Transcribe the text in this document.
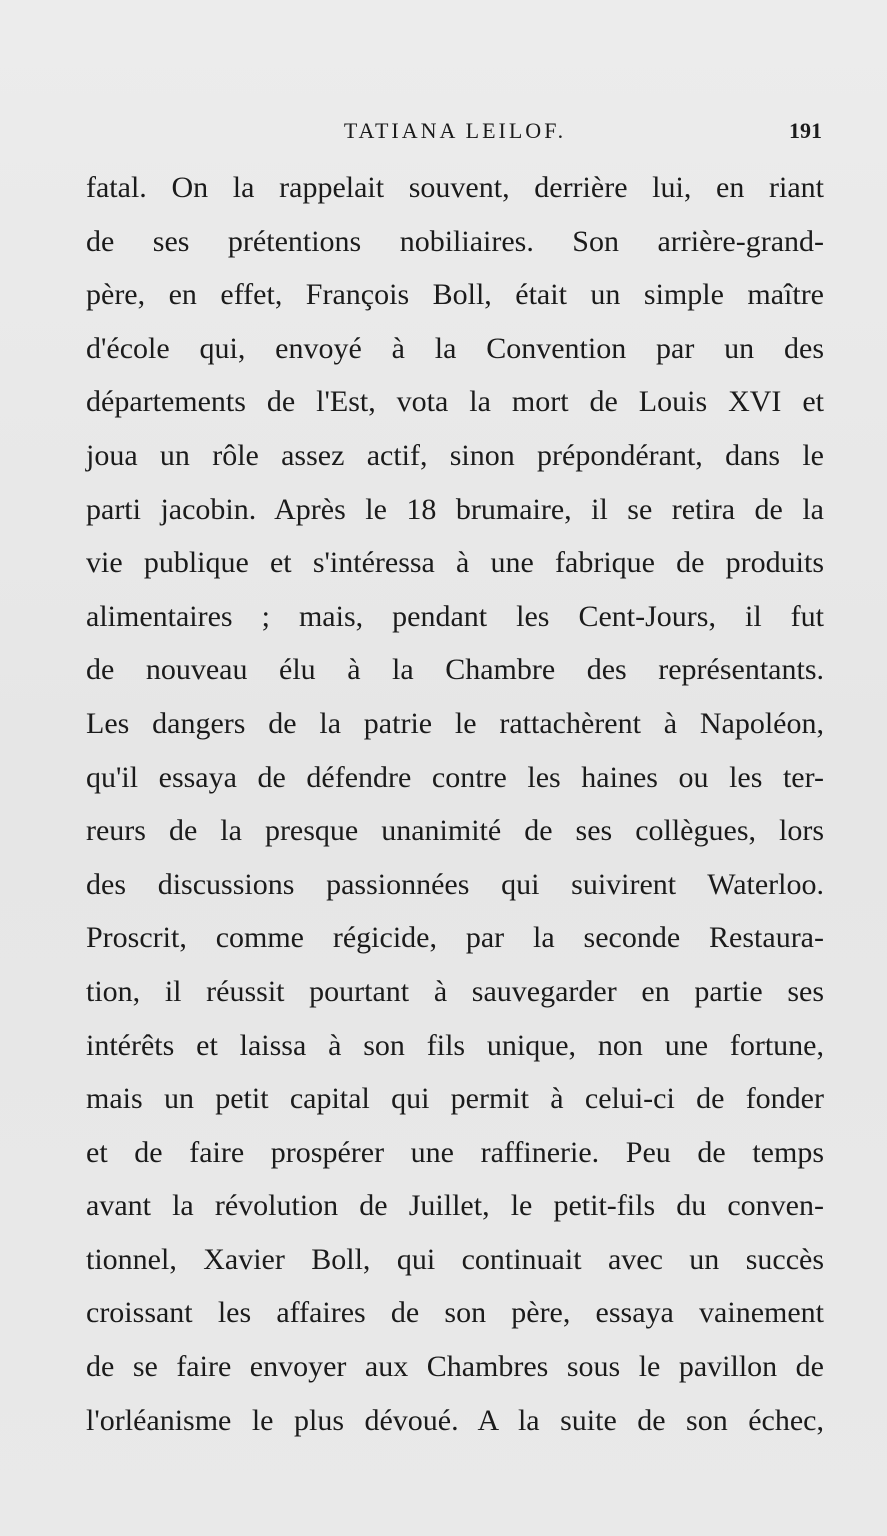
TATIANA LEILOF.	191
fatal. On la rappelait souvent, derrière lui, en riant
de ses prétentions nobiliaires. Son arrière-grand-
père, en effet, François Boll, était un simple maître
d'école qui, envoyé à la Convention par un des
départements de l'Est, vota la mort de Louis XVI et
joua un rôle assez actif, sinon prépondérant, dans le
parti jacobin. Après le 18 brumaire, il se retira de la
vie publique et s'intéressa à une fabrique de produits
alimentaires ; mais, pendant les Cent-Jours, il fut
de nouveau élu à la Chambre des représentants.
Les dangers de la patrie le rattachèrent à Napoléon,
qu'il essaya de défendre contre les haines ou les ter-
reurs de la presque unanimité de ses collègues, lors
des discussions passionnées qui suivirent Waterloo.
Proscrit, comme régicide, par la seconde Restaura-
tion, il réussit pourtant à sauvegarder en partie ses
intérêts et laissa à son fils unique, non une fortune,
mais un petit capital qui permit à celui-ci de fonder
et de faire prospérer une raffinerie. Peu de temps
avant la révolution de Juillet, le petit-fils du conven-
tionnel, Xavier Boll, qui continuait avec un succès
croissant les affaires de son père, essaya vainement
de se faire envoyer aux Chambres sous le pavillon de
l'orléanisme le plus dévoué. A la suite de son échec,
